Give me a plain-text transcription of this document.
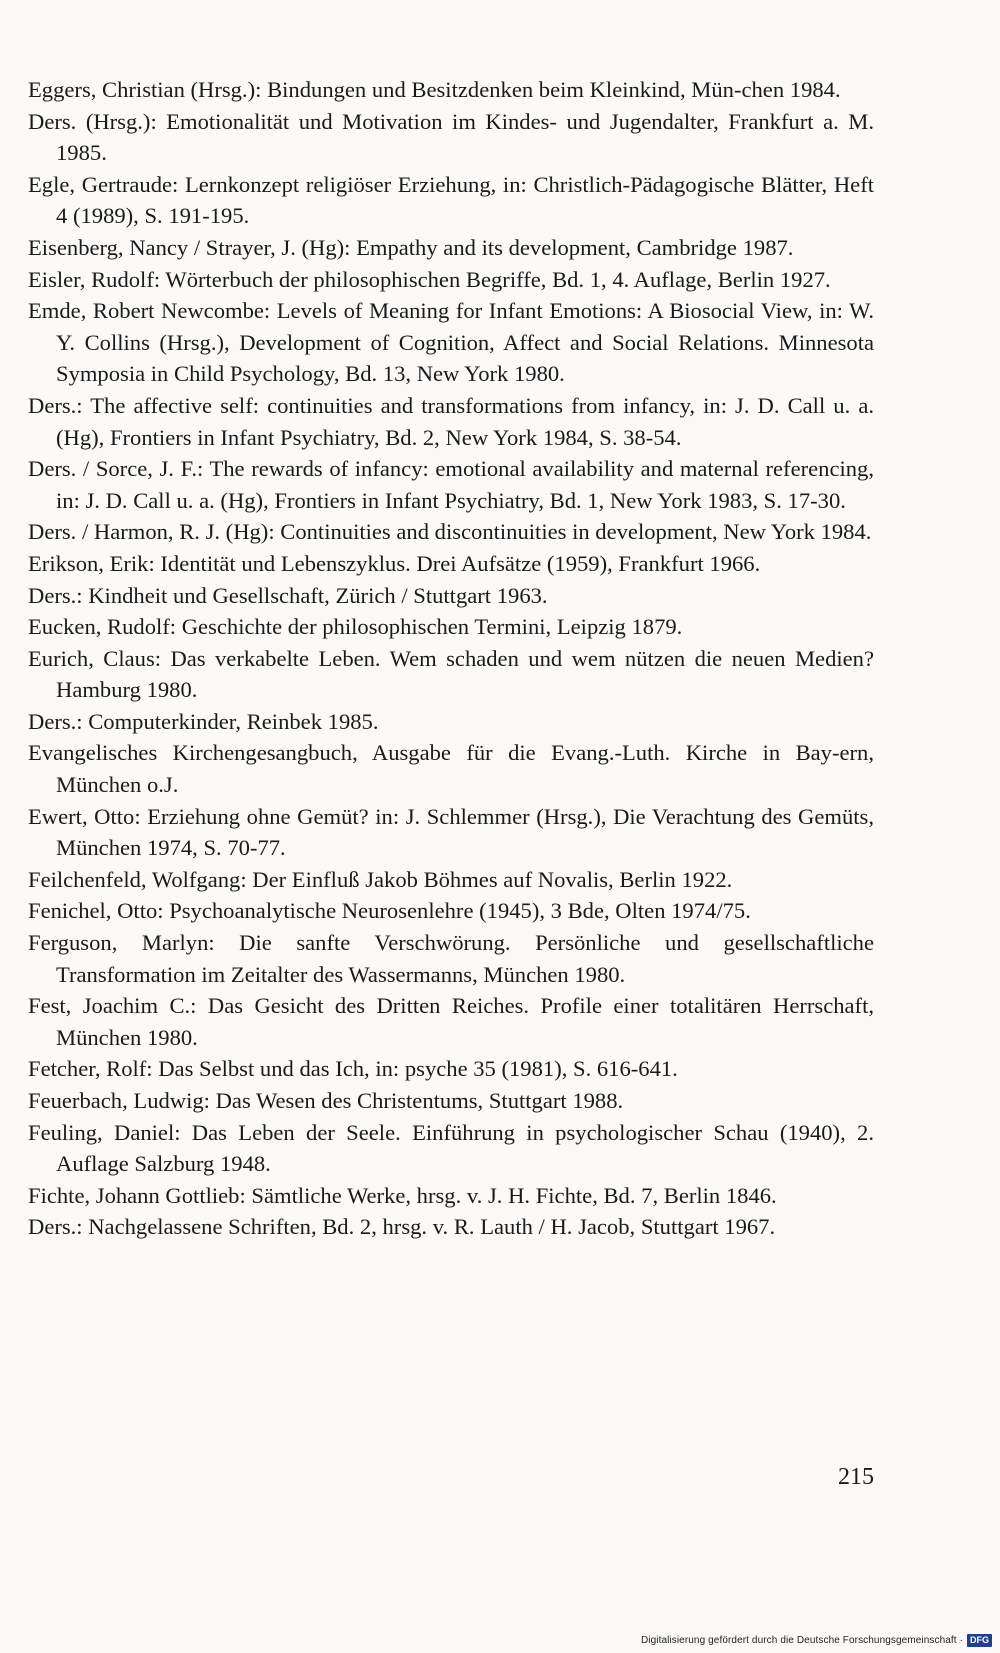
Eggers, Christian (Hrsg.): Bindungen und Besitzdenken beim Kleinkind, Mün-chen 1984.
Ders. (Hrsg.): Emotionalität und Motivation im Kindes- und Jugendalter, Frankfurt a. M. 1985.
Egle, Gertraude: Lernkonzept religiöser Erziehung, in: Christlich-Pädagogische Blätter, Heft 4 (1989), S. 191-195.
Eisenberg, Nancy / Strayer, J. (Hg): Empathy and its development, Cambridge 1987.
Eisler, Rudolf: Wörterbuch der philosophischen Begriffe, Bd. 1, 4. Auflage, Berlin 1927.
Emde, Robert Newcombe: Levels of Meaning for Infant Emotions: A Biosocial View, in: W. Y. Collins (Hrsg.), Development of Cognition, Affect and Social Relations. Minnesota Symposia in Child Psychology, Bd. 13, New York 1980.
Ders.: The affective self: continuities and transformations from infancy, in: J. D. Call u. a. (Hg), Frontiers in Infant Psychiatry, Bd. 2, New York 1984, S. 38-54.
Ders. / Sorce, J. F.: The rewards of infancy: emotional availability and maternal referencing, in: J. D. Call u. a. (Hg), Frontiers in Infant Psychiatry, Bd. 1, New York 1983, S. 17-30.
Ders. / Harmon, R. J. (Hg): Continuities and discontinuities in development, New York 1984.
Erikson, Erik: Identität und Lebenszyklus. Drei Aufsätze (1959), Frankfurt 1966.
Ders.: Kindheit und Gesellschaft, Zürich / Stuttgart 1963.
Eucken, Rudolf: Geschichte der philosophischen Termini, Leipzig 1879.
Eurich, Claus: Das verkabelte Leben. Wem schaden und wem nützen die neuen Medien? Hamburg 1980.
Ders.: Computerkinder, Reinbek 1985.
Evangelisches Kirchengesangbuch, Ausgabe für die Evang.-Luth. Kirche in Bay-ern, München o.J.
Ewert, Otto: Erziehung ohne Gemüt? in: J. Schlemmer (Hrsg.), Die Verachtung des Gemüts, München 1974, S. 70-77.
Feilchenfeld, Wolfgang: Der Einfluß Jakob Böhmes auf Novalis, Berlin 1922.
Fenichel, Otto: Psychoanalytische Neurosenlehre (1945), 3 Bde, Olten 1974/75.
Ferguson, Marlyn: Die sanfte Verschwörung. Persönliche und gesellschaftliche Transformation im Zeitalter des Wassermanns, München 1980.
Fest, Joachim C.: Das Gesicht des Dritten Reiches. Profile einer totalitären Herrschaft, München 1980.
Fetcher, Rolf: Das Selbst und das Ich, in: psyche 35 (1981), S. 616-641.
Feuerbach, Ludwig: Das Wesen des Christentums, Stuttgart 1988.
Feuling, Daniel: Das Leben der Seele. Einführung in psychologischer Schau (1940), 2. Auflage Salzburg 1948.
Fichte, Johann Gottlieb: Sämtliche Werke, hrsg. v. J. H. Fichte, Bd. 7, Berlin 1846.
Ders.: Nachgelassene Schriften, Bd. 2, hrsg. v. R. Lauth / H. Jacob, Stuttgart 1967.

215

Digitalisierung gefördert durch die Deutsche Forschungsgemeinschaft · DFG
